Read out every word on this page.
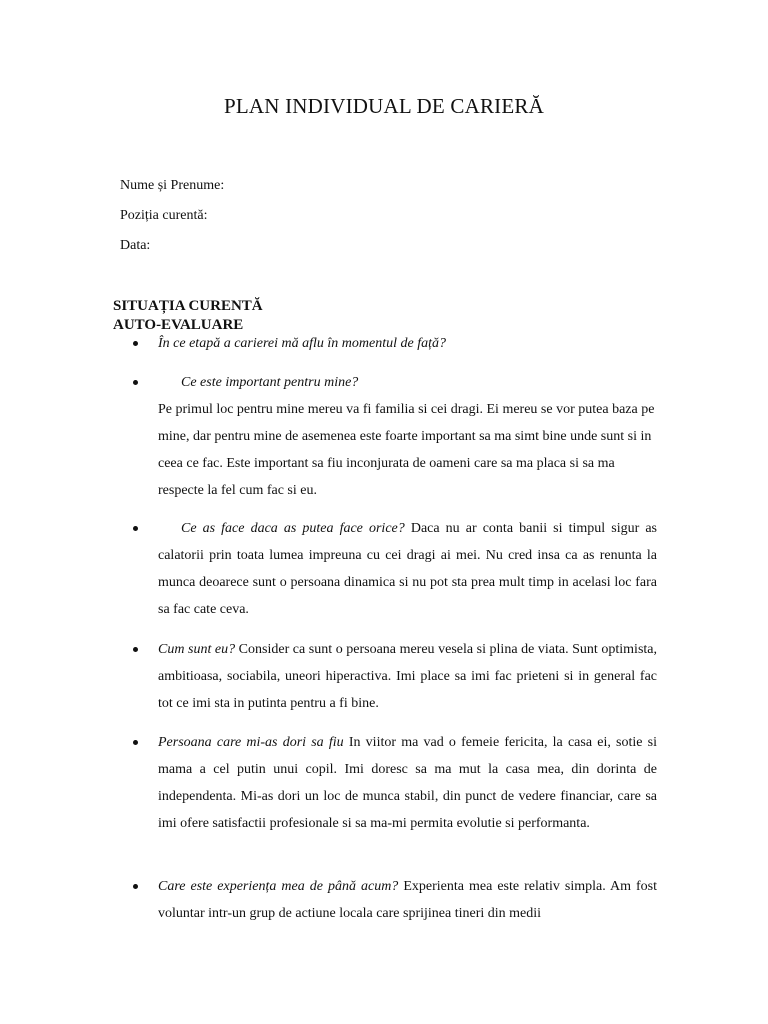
PLAN INDIVIDUAL DE CARIERĂ
Nume și Prenume:
Poziția curentă:
Data:
SITUAȚIA CURENTĂ
AUTO-EVALUARE
În ce etapă a carierei mă aflu în momentul de față?
Ce este important pentru mine?
Pe primul loc pentru mine mereu va fi familia si cei dragi. Ei mereu se vor putea baza pe mine, dar pentru mine de asemenea este foarte important sa ma simt bine unde sunt si in ceea ce fac. Este important sa fiu inconjurata de oameni care sa ma placa si sa ma respecte la fel cum fac si eu.
Ce as face daca as putea face orice? Daca nu ar conta banii si timpul sigur as calatorii prin toata lumea impreuna cu cei dragi ai mei. Nu cred insa ca as renunta la munca deoarece sunt o persoana dinamica si nu pot sta prea mult timp in acelasi loc fara sa fac cate ceva.
Cum sunt eu? Consider ca sunt o persoana mereu vesela si plina de viata. Sunt optimista, ambitioasa, sociabila, uneori hiperactiva. Imi place sa imi fac prieteni si in general fac tot ce imi sta in putinta pentru a fi bine.
Persoana care mi-as dori sa fiu In viitor ma vad o femeie fericita, la casa ei, sotie si mama a cel putin unui copil. Imi doresc sa ma mut la casa mea, din dorinta de independenta. Mi-as dori un loc de munca stabil, din punct de vedere financiar, care sa imi ofere satisfactii profesionale si sa ma-mi permita evolutie si performanta.
Care este experiența mea de până acum? Experienta mea este relativ simpla. Am fost voluntar intr-un grup de actiune locala care sprijinea tineri din medii
